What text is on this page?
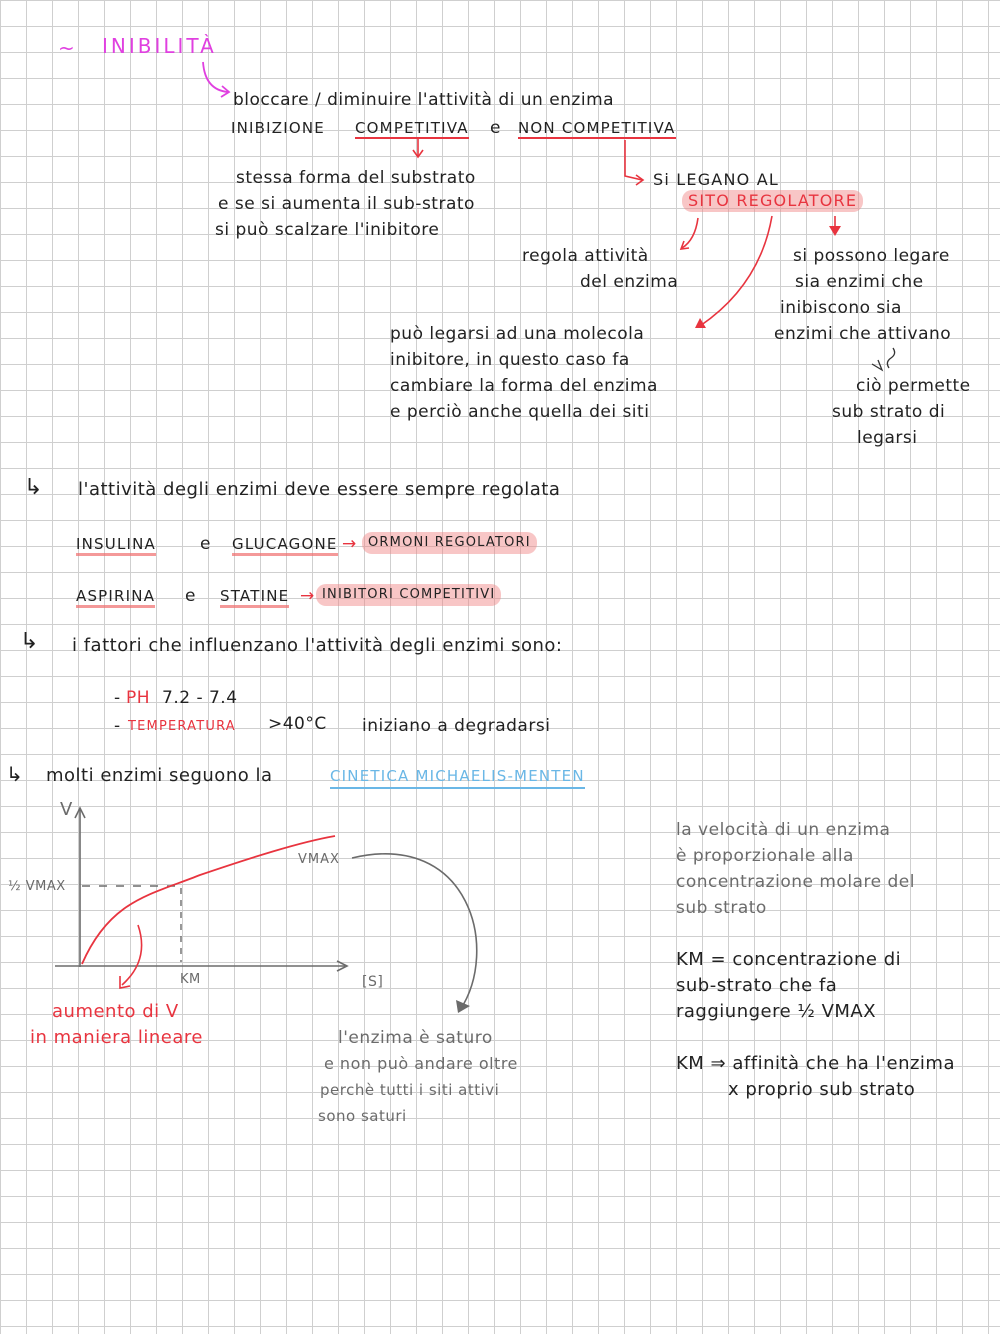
~ INIBILITÀ
bloccare / diminuire l'attività di un enzima
INIBIZIONE COMPETITIVA e NON COMPETITIVA
stessa forma del substrato
e se si aumenta il sub-strato
si può scalzare l'inibitore
Si LEGANO AL
SITO REGOLATORE
regola attività
del enzima
può legarsi ad una molecola
inibitore, in questo caso fa
cambiare la forma del enzima
e perciò anche quella dei siti
si possono legare
sia enzimi che
inibiscono sia
enzimi che attivano
ciò permette
sub strato di
legarsi
↳ l'attività degli enzimi deve essere sempre regolata
INSULINA	e GLUCAGONE → ORMONI REGOLATORI
ASPIRINA e STATINE → INIBITORI COMPETITIVI
↳ i fattori che influenzano l'attività degli enzimi sono:
- PH 7.2 - 7.4
- TEMPERATURA >40°C iniziano a degradarsi
↳ molti enzimi seguono la	CINETICA MICHAELIS-MENTEN
V
½ VMAX
VMAX
KM	[S]
aumento di V
in maniera lineare	l'enzima è saturo
e non può andare oltre
perchè tutti i siti attivi
sono saturi
la velocità di un enzima
è proporzionale alla
concentrazione molare del
sub strato
KM = concentrazione di
sub-strato che fa
raggiungere ½ VMAX
KM ⇒ affinità che ha l'enzima
x proprio sub strato
